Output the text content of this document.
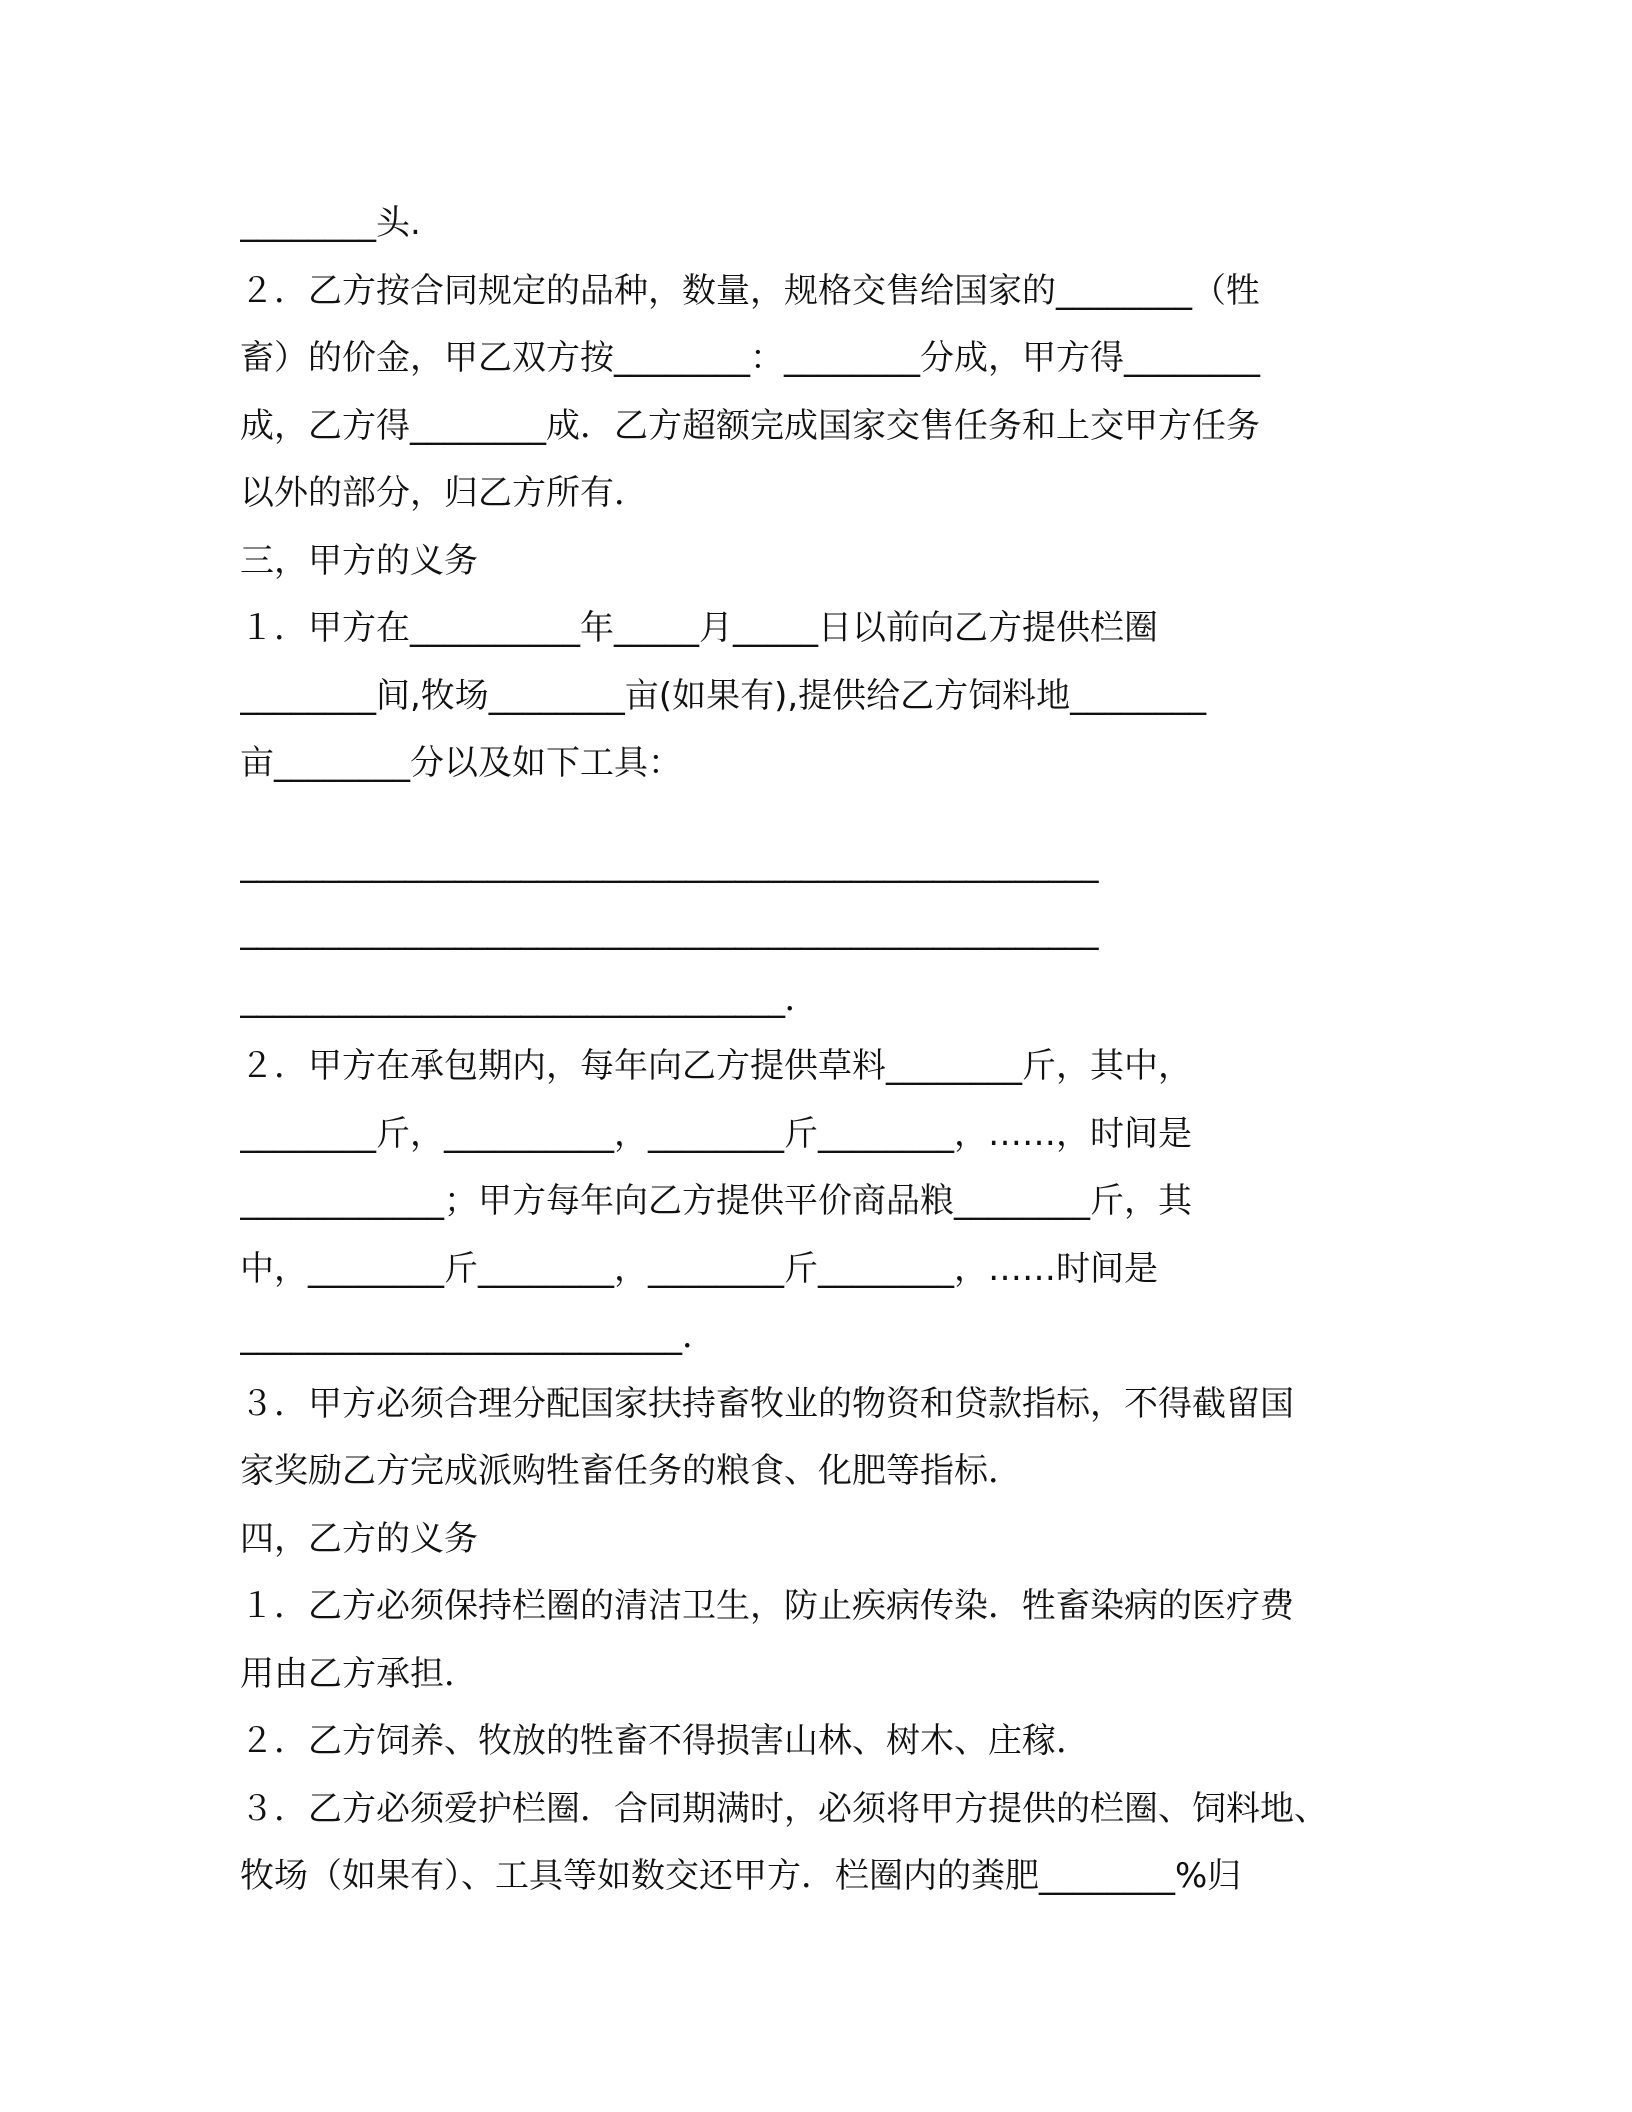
________头.
２．乙方按合同规定的品种，数量，规格交售给国家的________（牲
畜）的价金，甲乙双方按________：________分成，甲方得________
成，乙方得________成．乙方超额完成国家交售任务和上交甲方任务
以外的部分，归乙方所有．
三，甲方的义务
１．甲方在__________年_____月_____日以前向乙方提供栏圈
________间,牧场________亩(如果有),提供给乙方饲料地________
亩________分以及如下工具：
____________________________________________________
____________________________________________________
_________________________________．
２．甲方在承包期内，每年向乙方提供草料________斤，其中，
________斤，__________，________斤________，……，时间是
____________；甲方每年向乙方提供平价商品粮________斤，其
中，________斤________，________斤________，……时间是
__________________________．
３．甲方必须合理分配国家扶持畜牧业的物资和贷款指标，不得截留国
家奖励乙方完成派购牲畜任务的粮食、化肥等指标．
四，乙方的义务
１．乙方必须保持栏圈的清洁卫生，防止疾病传染．牲畜染病的医疗费
用由乙方承担．
２．乙方饲养、牧放的牲畜不得损害山林、树木、庄稼．
３．乙方必须爱护栏圈．合同期满时，必须将甲方提供的栏圈、饲料地、
牧场（如果有）、工具等如数交还甲方．栏圈内的粪肥________%归
